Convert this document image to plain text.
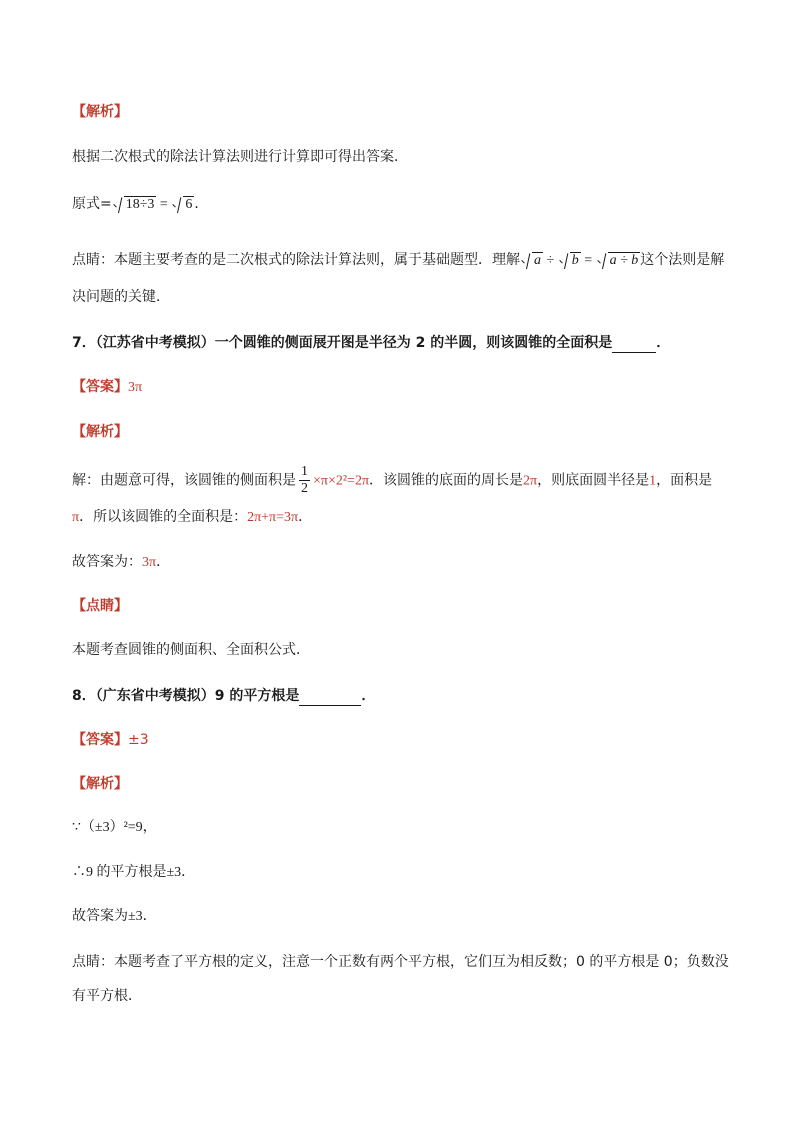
【解析】
根据二次根式的除法计算法则进行计算即可得出答案．
原式= 18÷3 = 6 ．
点睛：本题主要考查的是二次根式的除法计算法则，属于基础题型．理解 a ÷ b = a ÷ b 这个法则是解
决问题的关键．
7．（江苏省中考模拟）一个圆锥的侧面展开图是半径为 2 的半圆，则该圆锥的全面积是	．
【答案】3π
【解析】
解：由题意可得，该圆锥的侧面积是 $\frac{1}{2} \times\pi\times 2^2=2\pi$．该圆锥的底面的周长是2π，则底面圆半径是1，面积是
π．所以该圆锥的全面积是：2π+π=3π．
故答案为：3π．
【点睛】
本题考查圆锥的侧面积、全面积公式．
8．（广东省中考模拟）9 的平方根是	．
【答案】±3
【解析】
∵（±3）²=9，
∴9 的平方根是±3．
故答案为±3．
点睛：本题考查了平方根的定义，注意一个正数有两个平方根，它们互为相反数；0 的平方根是 0；负数没
有平方根．
